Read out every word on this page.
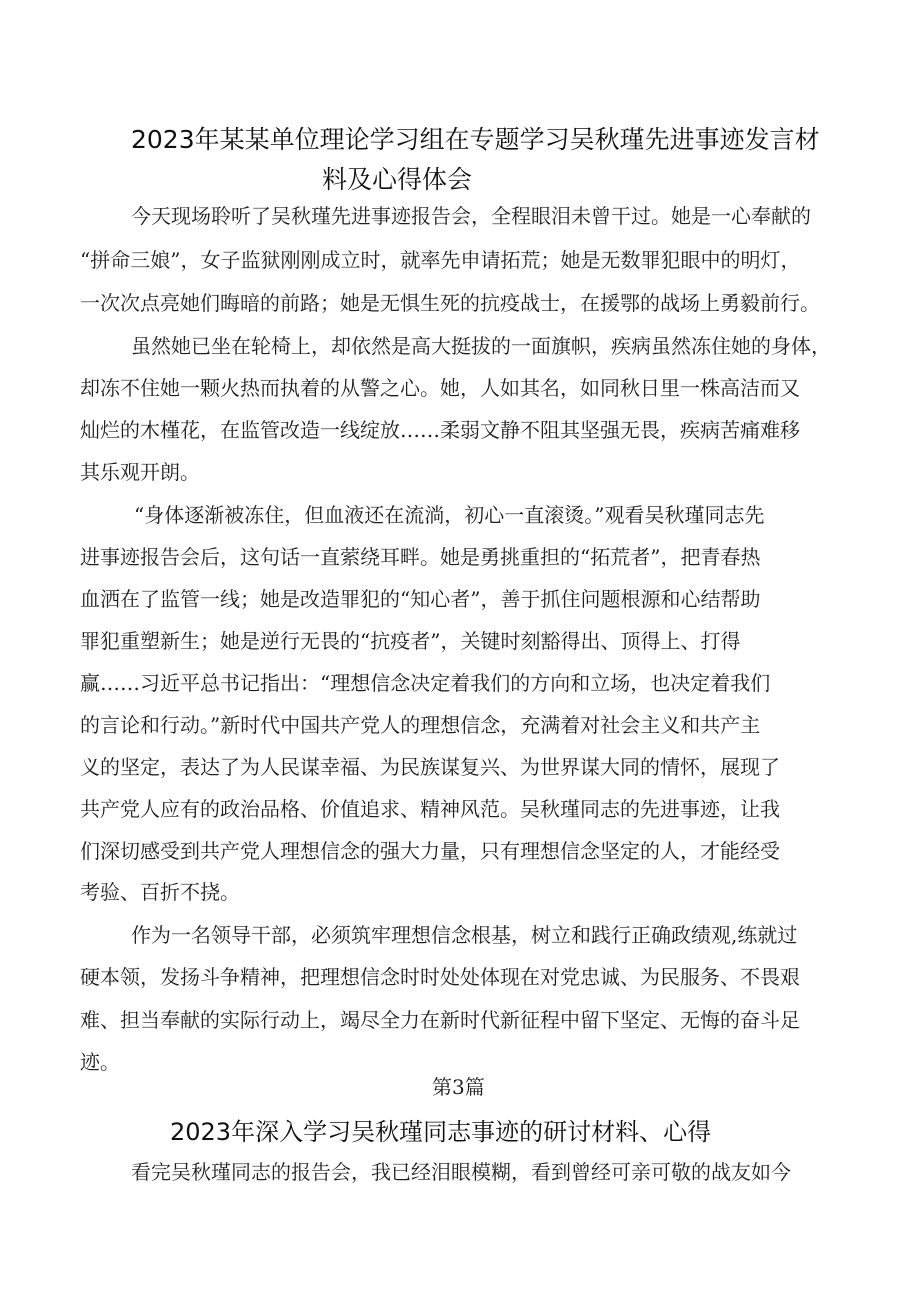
2023年某某单位理论学习组在专题学习吴秋瑾先进事迹发言材
料及心得体会

今天现场聆听了吴秋瑾先进事迹报告会，全程眼泪未曾干过。她是一心奉献的

“拼命三娘”，女子监狱刚刚成立时，就率先申请拓荒；她是无数罪犯眼中的明灯，

一次次点亮她们晦暗的前路；她是无惧生死的抗疫战士，在援鄂的战场上勇毅前行。

虽然她已坐在轮椅上，却依然是高大挺拔的一面旗帜，疾病虽然冻住她的身体，

却冻不住她一颗火热而执着的从警之心。她，人如其名，如同秋日里一株高洁而又

灿烂的木槿花，在监管改造一线绽放……柔弱文静不阻其坚强无畏，疾病苦痛难移

其乐观开朗。

“身体逐渐被冻住，但血液还在流淌，初心一直滚烫。”观看吴秋瑾同志先

进事迹报告会后，这句话一直萦绕耳畔。她是勇挑重担的“拓荒者”，把青春热

血洒在了监管一线；她是改造罪犯的“知心者”，善于抓住问题根源和心结帮助

罪犯重塑新生；她是逆行无畏的“抗疫者”，关键时刻豁得出、顶得上、打得

赢……习近平总书记指出：“理想信念决定着我们的方向和立场，也决定着我们

的言论和行动。”新时代中国共产党人的理想信念，充满着对社会主义和共产主

义的坚定，表达了为人民谋幸福、为民族谋复兴、为世界谋大同的情怀，展现了

共产党人应有的政治品格、价值追求、精神风范。吴秋瑾同志的先进事迹，让我

们深切感受到共产党人理想信念的强大力量，只有理想信念坚定的人，才能经受

考验、百折不挠。

作为一名领导干部，必须筑牢理想信念根基，树立和践行正确政绩观,练就过

硬本领，发扬斗争精神，把理想信念时时处处体现在对党忠诚、为民服务、不畏艰

难、担当奉献的实际行动上，竭尽全力在新时代新征程中留下坚定、无悔的奋斗足

迹。

第3篇

2023年深入学习吴秋瑾同志事迹的研讨材料、心得

看完吴秋瑾同志的报告会，我已经泪眼模糊，看到曾经可亲可敬的战友如今
